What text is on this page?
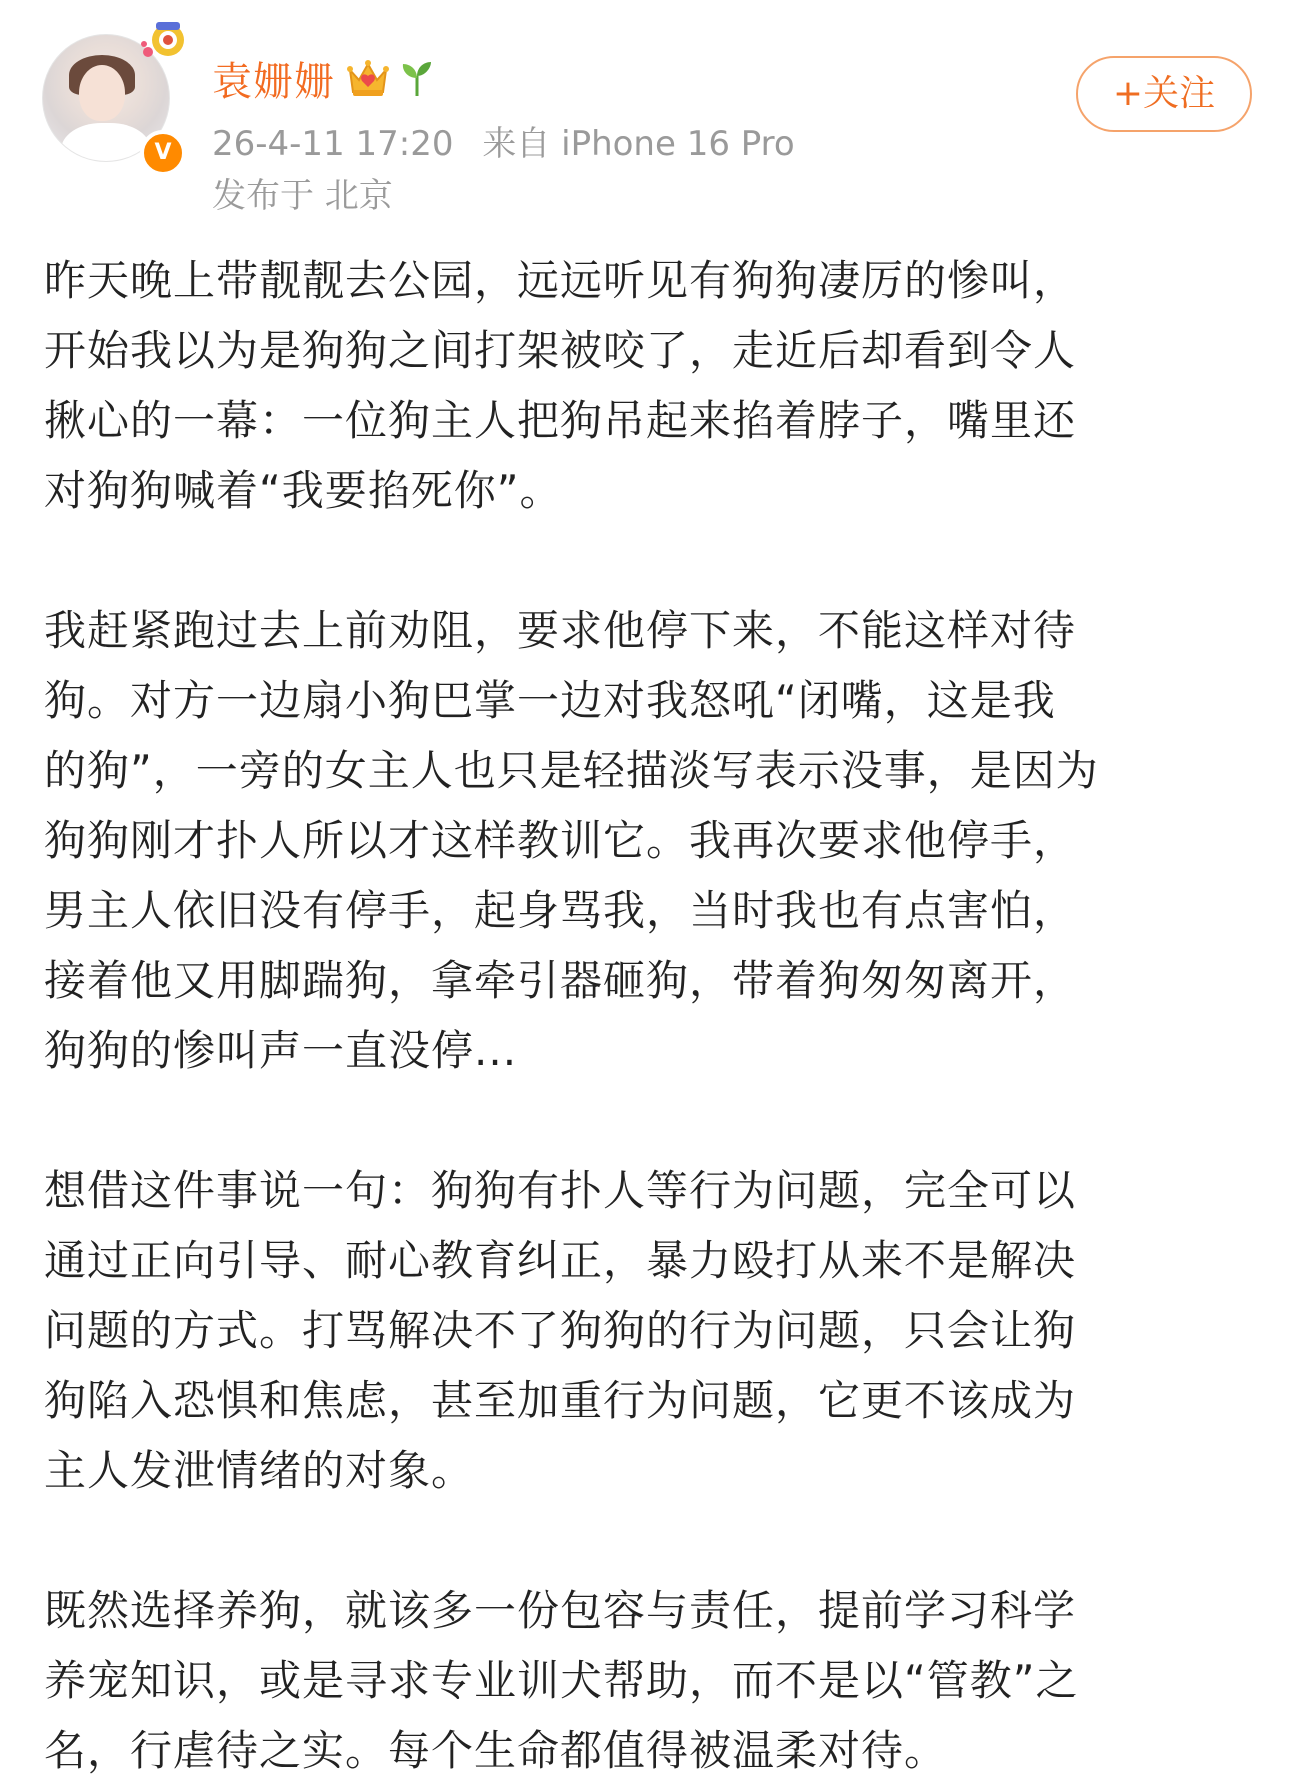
V
袁姗姗	+关注
26-4-11 17:20 来自 iPhone 16 Pro
发布于 北京

昨天晚上带靓靓去公园，远远听见有狗狗凄厉的惨叫，
开始我以为是狗狗之间打架被咬了，走近后却看到令人
揪心的一幕：一位狗主人把狗吊起来掐着脖子，嘴里还
对狗狗喊着“我要掐死你”。

我赶紧跑过去上前劝阻，要求他停下来，不能这样对待
狗。对方一边扇小狗巴掌一边对我怒吼“闭嘴，这是我
的狗”，一旁的女主人也只是轻描淡写表示没事，是因为
狗狗刚才扑人所以才这样教训它。我再次要求他停手，
男主人依旧没有停手，起身骂我，当时我也有点害怕，
接着他又用脚踹狗，拿牵引器砸狗，带着狗匆匆离开，
狗狗的惨叫声一直没停...

想借这件事说一句：狗狗有扑人等行为问题，完全可以
通过正向引导、耐心教育纠正，暴力殴打从来不是解决
问题的方式。打骂解决不了狗狗的行为问题，只会让狗
狗陷入恐惧和焦虑，甚至加重行为问题，它更不该成为
主人发泄情绪的对象。

既然选择养狗，就该多一份包容与责任，提前学习科学
养宠知识，或是寻求专业训犬帮助，而不是以“管教”之
名，行虐待之实。每个生命都值得被温柔对待。
